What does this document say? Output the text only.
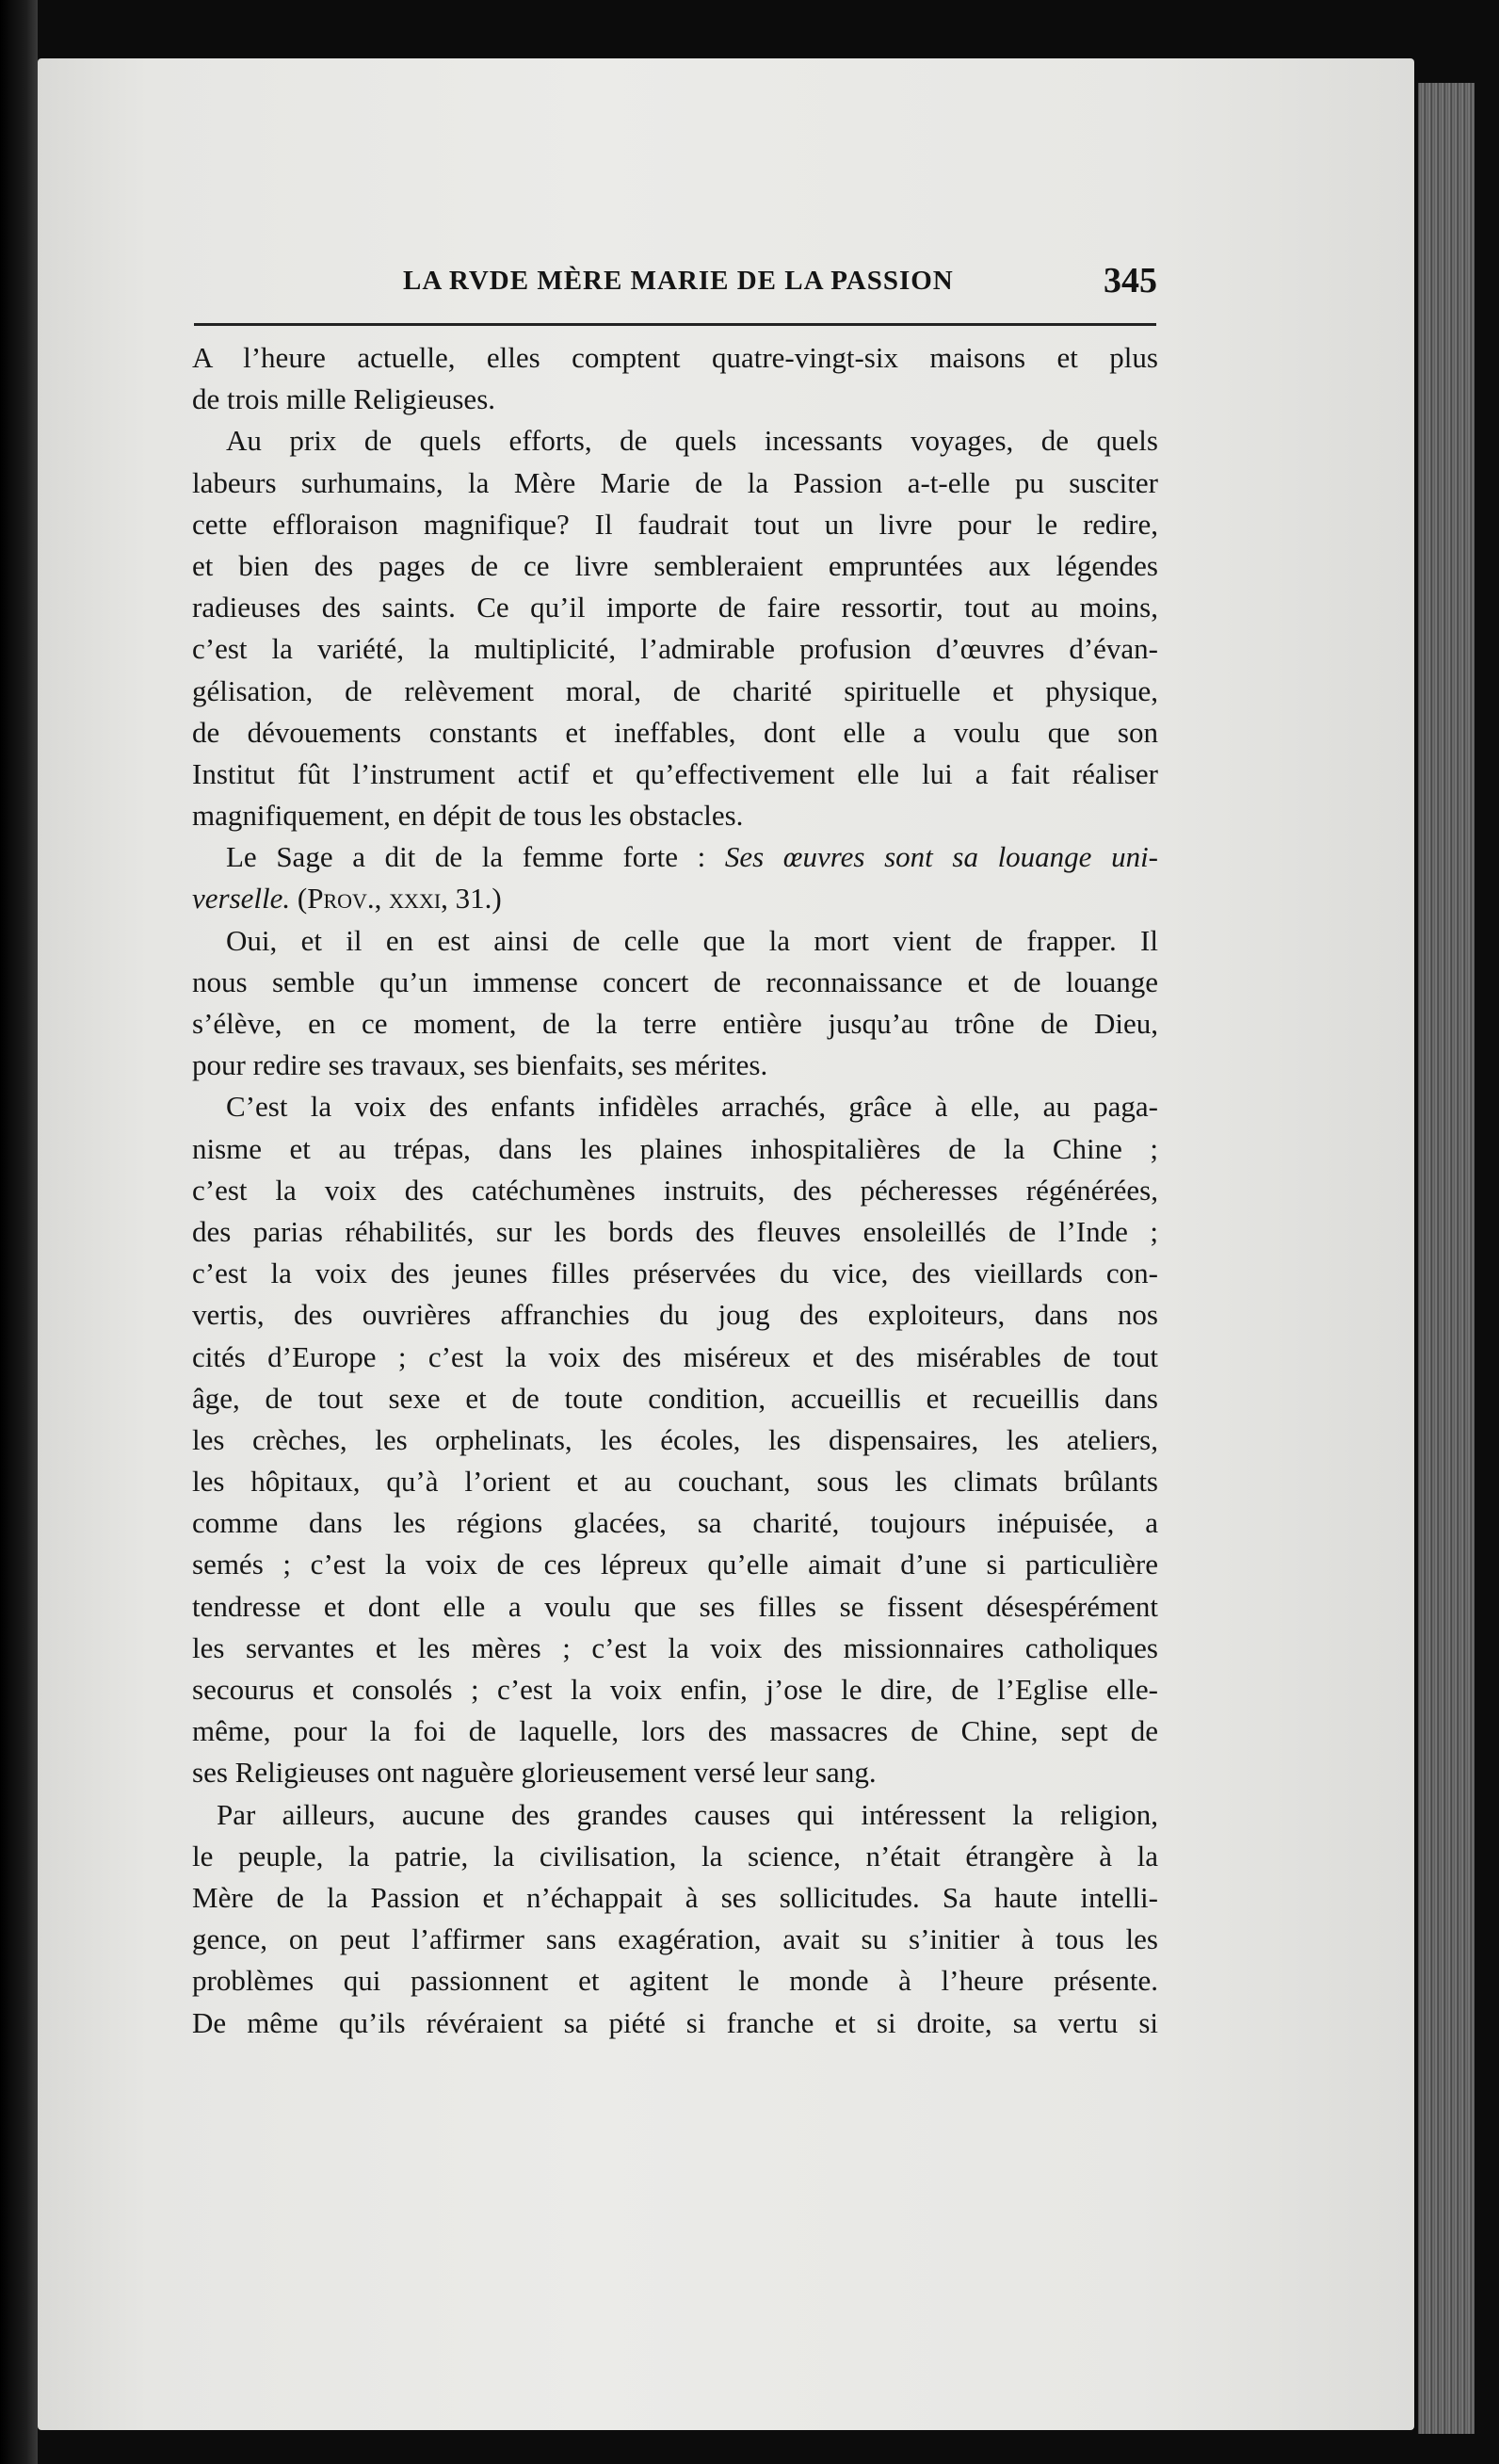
LA RVDE MÈRE MARIE DE LA PASSION	345
A l’heure actuelle, elles comptent quatre-vingt-six maisons et plus
de trois mille Religieuses.
Au prix de quels efforts, de quels incessants voyages, de quels
labeurs surhumains, la Mère Marie de la Passion a-t-elle pu susciter
cette effloraison magnifique? Il faudrait tout un livre pour le redire,
et bien des pages de ce livre sembleraient empruntées aux légendes
radieuses des saints. Ce qu’il importe de faire ressortir, tout au moins,
c’est la variété, la multiplicité, l’admirable profusion d’œuvres d’évan-
gélisation, de relèvement moral, de charité spirituelle et physique,
de dévouements constants et ineffables, dont elle a voulu que son
Institut fût l’instrument actif et qu’effectivement elle lui a fait réaliser
magnifiquement, en dépit de tous les obstacles.
Le Sage a dit de la femme forte : Ses œuvres sont sa louange uni-
verselle. (Prov., xxxi, 31.)
Oui, et il en est ainsi de celle que la mort vient de frapper. Il
nous semble qu’un immense concert de reconnaissance et de louange
s’élève, en ce moment, de la terre entière jusqu’au trône de Dieu,
pour redire ses travaux, ses bienfaits, ses mérites.
C’est la voix des enfants infidèles arrachés, grâce à elle, au paga-
nisme et au trépas, dans les plaines inhospitalières de la Chine ;
c’est la voix des catéchumènes instruits, des pécheresses régénérées,
des parias réhabilités, sur les bords des fleuves ensoleillés de l’Inde ;
c’est la voix des jeunes filles préservées du vice, des vieillards con-
vertis, des ouvrières affranchies du joug des exploiteurs, dans nos
cités d’Europe ; c’est la voix des miséreux et des misérables de tout
âge, de tout sexe et de toute condition, accueillis et recueillis dans
les crèches, les orphelinats, les écoles, les dispensaires, les ateliers,
les hôpitaux, qu’à l’orient et au couchant, sous les climats brûlants
comme dans les régions glacées, sa charité, toujours inépuisée, a
semés ; c’est la voix de ces lépreux qu’elle aimait d’une si particulière
tendresse et dont elle a voulu que ses filles se fissent désespérément
les servantes et les mères ; c’est la voix des missionnaires catholiques
secourus et consolés ; c’est la voix enfin, j’ose le dire, de l’Eglise elle-
même, pour la foi de laquelle, lors des massacres de Chine, sept de
ses Religieuses ont naguère glorieusement versé leur sang.
Par ailleurs, aucune des grandes causes qui intéressent la religion,
le peuple, la patrie, la civilisation, la science, n’était étrangère à la
Mère de la Passion et n’échappait à ses sollicitudes. Sa haute intelli-
gence, on peut l’affirmer sans exagération, avait su s’initier à tous les
problèmes qui passionnent et agitent le monde à l’heure présente.
De même qu’ils révéraient sa piété si franche et si droite, sa vertu si
